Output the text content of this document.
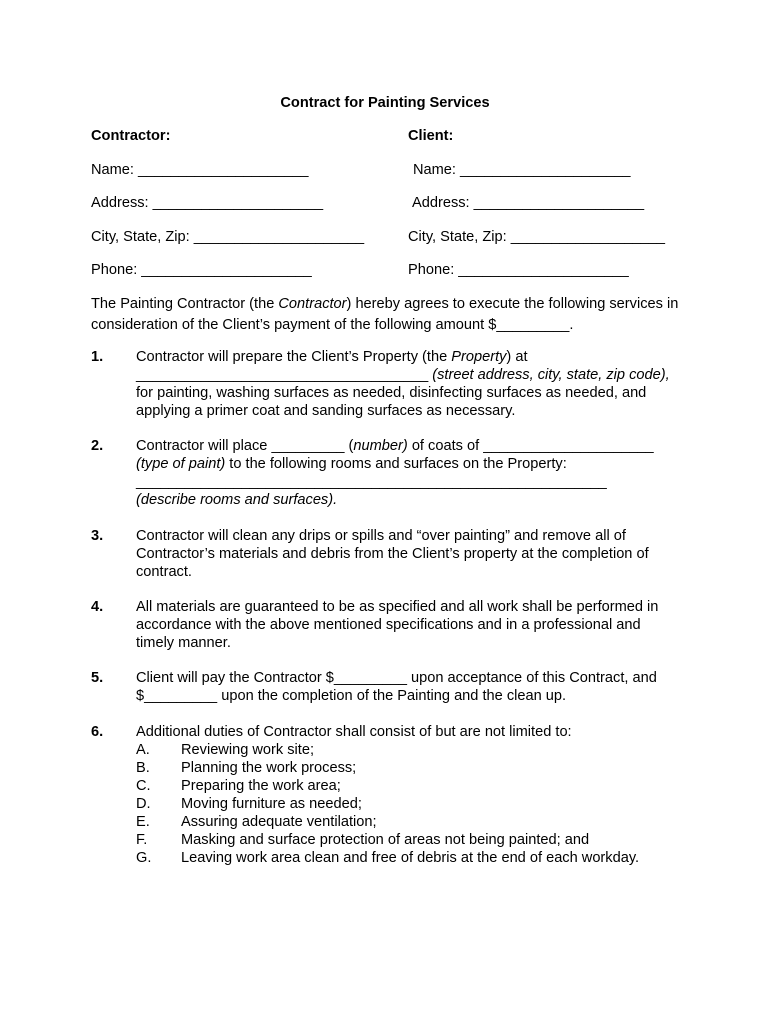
Contract for Painting Services
Contractor:	Client:
Name: _____________________
Address: _____________________
City, State, Zip: _____________________
Phone: _____________________
Name: _____________________
Address: _____________________
City, State, Zip: ___________________
Phone: _____________________
The Painting Contractor (the Contractor) hereby agrees to execute the following services in consideration of the Client’s payment of the following amount $_________.
1. Contractor will prepare the Client’s Property (the Property) at
____________________________________ (street address, city, state, zip code), for painting, washing surfaces as needed, disinfecting surfaces as needed, and applying a primer coat and sanding surfaces as necessary.
2. Contractor will place _________ (number) of coats of _____________________
(type of paint) to the following rooms and surfaces on the Property:
__________________________________________________________
(describe rooms and surfaces).
3. Contractor will clean any drips or spills and “over painting” and remove all of Contractor’s materials and debris from the Client’s property at the completion of contract.
4. All materials are guaranteed to be as specified and all work shall be performed in accordance with the above mentioned specifications and in a professional and timely manner.
5. Client will pay the Contractor $_________ upon acceptance of this Contract, and $_________ upon the completion of the Painting and the clean up.
6. Additional duties of Contractor shall consist of but are not limited to:
A. Reviewing work site;
B. Planning the work process;
C. Preparing the work area;
D. Moving furniture as needed;
E. Assuring adequate ventilation;
F. Masking and surface protection of areas not being painted; and
G. Leaving work area clean and free of debris at the end of each workday.
